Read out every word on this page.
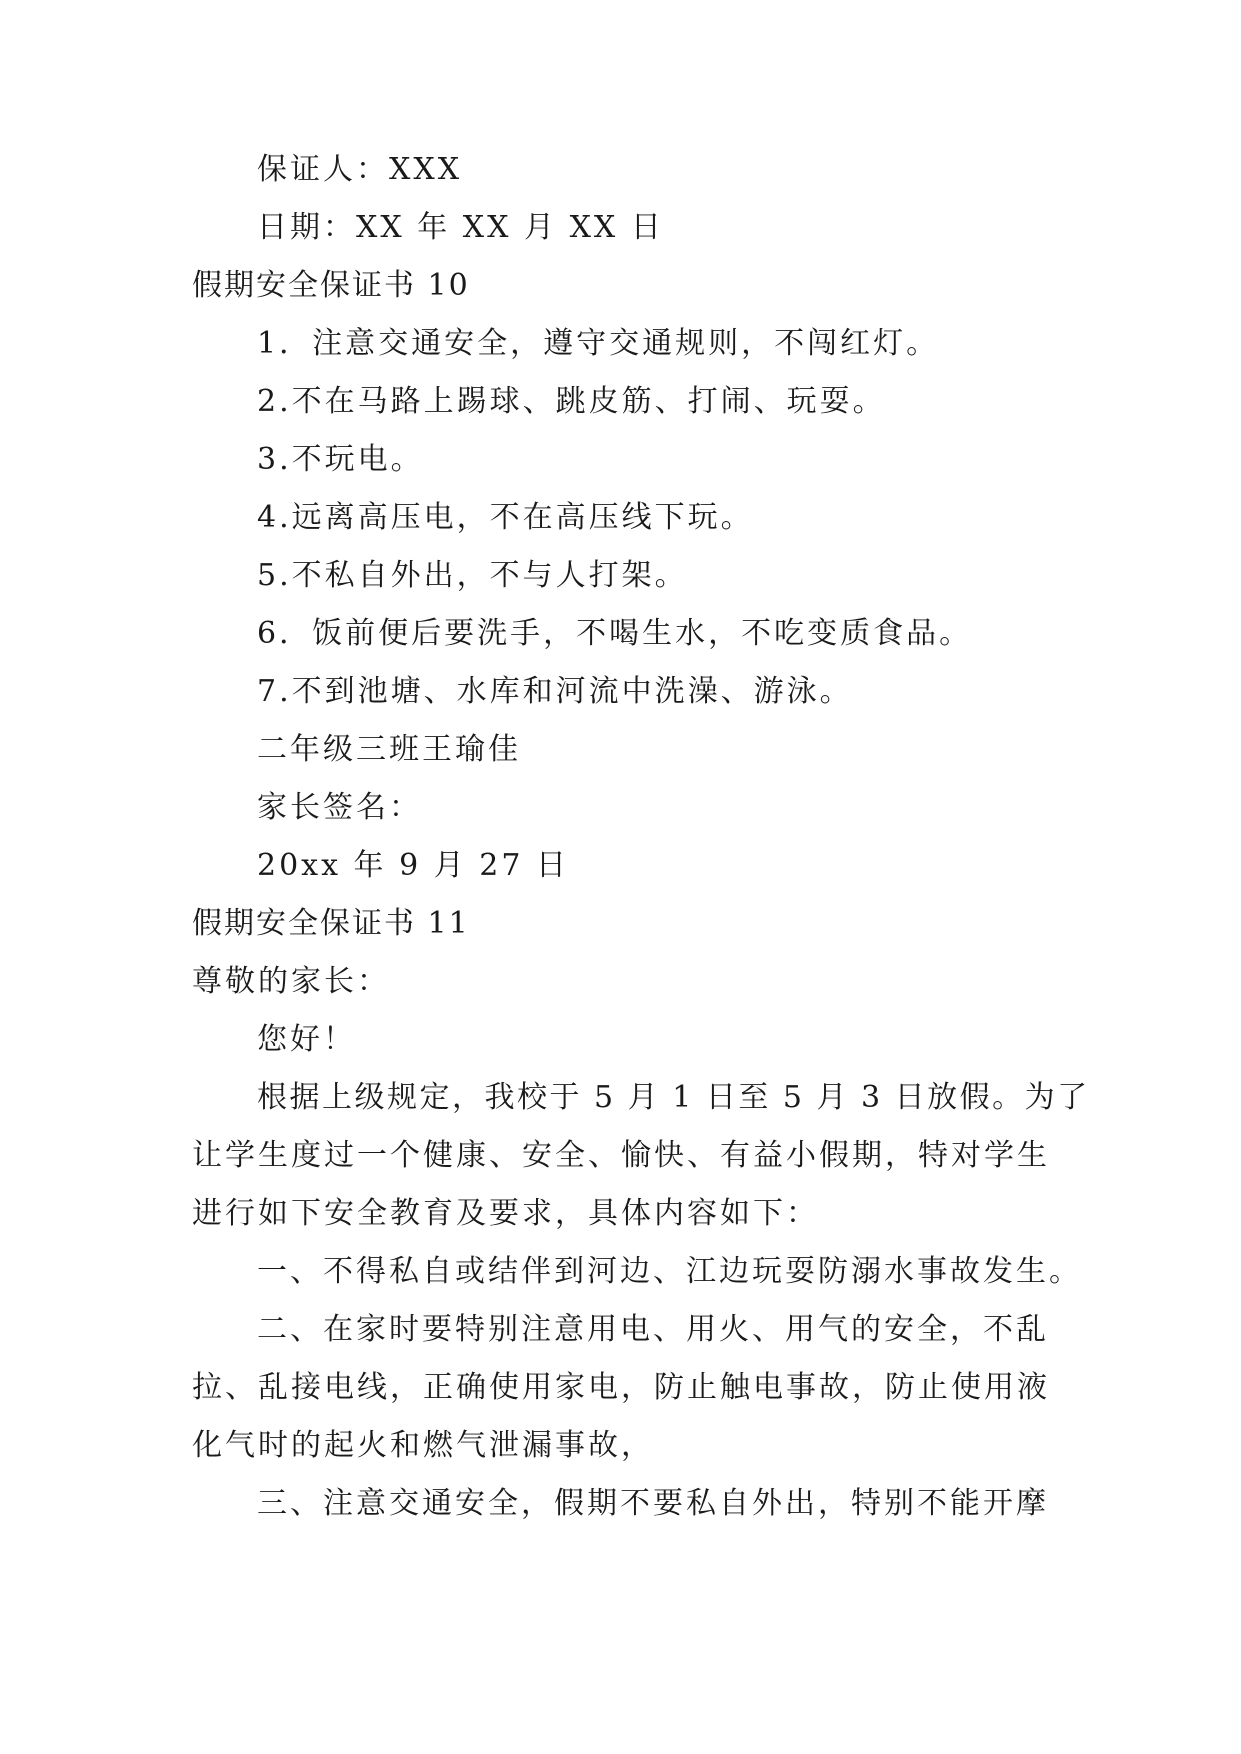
保证人：XXX

日期：XX 年 XX 月 XX 日

假期安全保证书 10

1．注意交通安全，遵守交通规则，不闯红灯。

2.不在马路上踢球、跳皮筋、打闹、玩耍。

3.不玩电。

4.远离高压电，不在高压线下玩。

5.不私自外出，不与人打架。

6．饭前便后要洗手，不喝生水，不吃变质食品。

7.不到池塘、水库和河流中洗澡、游泳。

二年级三班王瑜佳

家长签名：

20xx 年 9 月 27 日

假期安全保证书 11

尊敬的家长：

您好！

根据上级规定，我校于 5 月 1 日至 5 月 3 日放假。为了

让学生度过一个健康、安全、愉快、有益小假期，特对学生

进行如下安全教育及要求，具体内容如下：

一、不得私自或结伴到河边、江边玩耍防溺水事故发生。

二、在家时要特别注意用电、用火、用气的安全，不乱

拉、乱接电线，正确使用家电，防止触电事故，防止使用液

化气时的起火和燃气泄漏事故，

三、注意交通安全，假期不要私自外出，特别不能开摩
